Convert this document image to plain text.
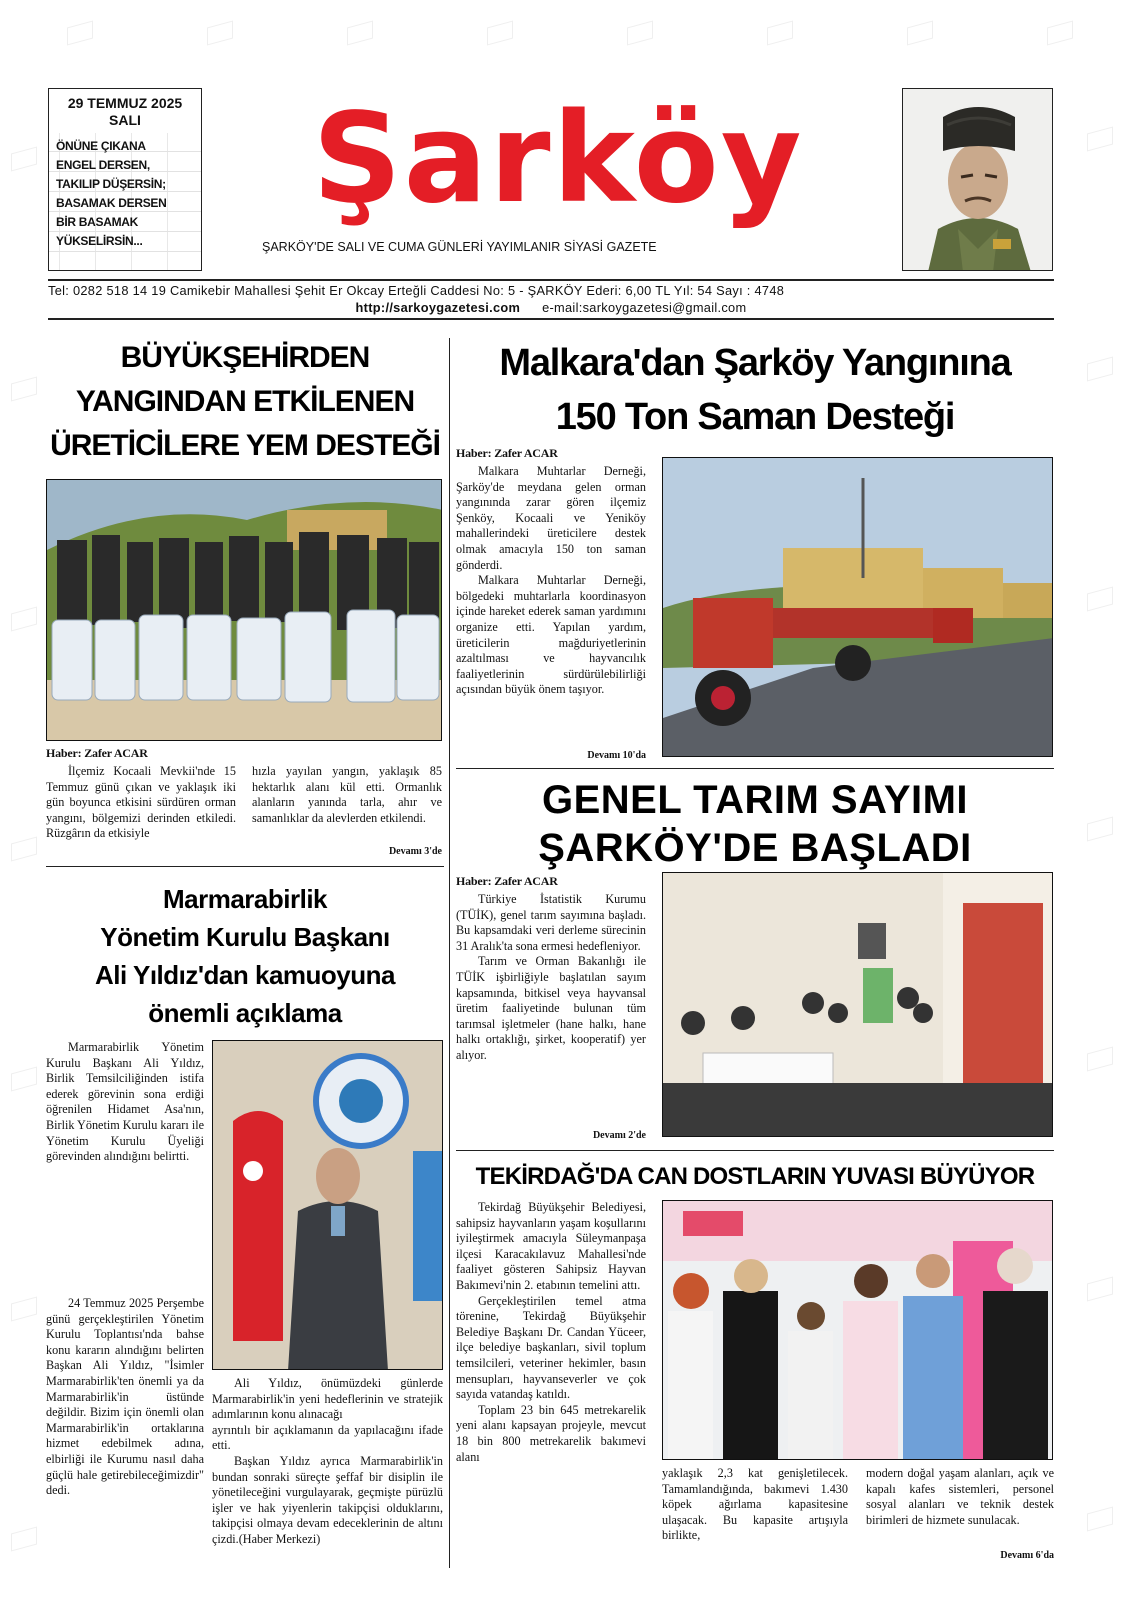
29 TEMMUZ 2025
SALI
ÖNÜNE ÇIKANA
ENGEL DERSEN,
TAKILIP DÜŞERSİN;
BASAMAK DERSEN
BİR BASAMAK
YÜKSELİRSİN...
Şarköy
ŞARKÖY'DE SALI VE CUMA GÜNLERİ YAYIMLANIR SİYASİ GAZETE
Tel: 0282 518 14 19 Camikebir Mahallesi Şehit Er Okcay Erteğli Caddesi No: 5 - ŞARKÖY Ederi: 6,00 TL Yıl: 54 Sayı : 4748
http://sarkoygazetesi.com e-mail:sarkoygazetesi@gmail.com
BÜYÜKŞEHİRDEN
YANGINDAN ETKİLENEN
ÜRETİCİLERE YEM DESTEĞİ
Haber: Zafer ACAR

İlçemiz Kocaali Mevkii'nde 15 Temmuz günü çıkan ve yaklaşık iki gün boyunca etkisini sürdüren orman yangını, bölgemizi derinden etkiledi. Rüzgârın da etkisiyle

hızla yayılan yangın, yaklaşık 85 hektarlık alanı kül etti. Ormanlık alanların yanında tarla, ahır ve samanlıklar da alevlerden etkilendi.

Devamı 3'de
Malkara'dan Şarköy Yangınına
150 Ton Saman Desteği
Haber: Zafer ACAR

Malkara Muhtarlar Derneği, Şarköy'de meydana gelen orman yangınında zarar gören ilçemiz Şenköy, Kocaali ve Yeniköy mahallerindeki üreticilere destek olmak amacıyla 150 ton saman gönderdi.

Malkara Muhtarlar Derneği, bölgedeki muhtarlarla koordinasyon içinde hareket ederek saman yardımını organize etti. Yapılan yardım, üreticilerin mağduriyetlerinin azaltılması ve hayvancılık faaliyetlerinin sürdürülebilirliği açısından büyük önem taşıyor.

Devamı 10'da
GENEL TARIM SAYIMI
ŞARKÖY'DE BAŞLADI
Haber: Zafer ACAR

Türkiye İstatistik Kurumu (TÜİK), genel tarım sayımına başladı. Bu kapsamdaki veri derleme sürecinin 31 Aralık'ta sona ermesi hedefleniyor.

Tarım ve Orman Bakanlığı ile TÜİK işbirliğiyle başlatılan sayım kapsamında, bitkisel veya hayvansal üretim faaliyetinde bulunan tüm tarımsal işletmeler (hane halkı, hane halkı ortaklığı, şirket, kooperatif) yer alıyor.

Devamı 2'de
Marmarabirlik
Yönetim Kurulu Başkanı
Ali Yıldız'dan kamuoyuna
önemli açıklama

Marmarabirlik Yönetim Kurulu Başkanı Ali Yıldız, Birlik Temsilciliğinden istifa ederek görevinin sona erdiği öğrenilen Hidamet Asa'nın, Birlik Yönetim Kurulu kararı ile Yönetim Kurulu Üyeliği görevinden alındığını belirtti.

24 Temmuz 2025 Perşembe günü gerçekleştirilen Yönetim Kurulu Toplantısı'nda bahse konu kararın alındığını belirten Başkan Ali Yıldız, "İsimler Marmarabirlik'ten önemli ya da Marmarabirlik'in üstünde değildir. Bizim için önemli olan Marmarabirlik'in ortaklarına hizmet edebilmek adına, elbirliği ile Kurumu nasıl daha güçlü hale getirebileceğimizdir" dedi.

Ali Yıldız, önümüzdeki günlerde Marmarabirlik'in yeni hedeflerinin ve stratejik adımlarının konu alınacağı

ayrıntılı bir açıklamanın da yapılacağını ifade etti.

Başkan Yıldız ayrıca Marmarabirlik'in bundan sonraki süreçte şeffaf bir disiplin ile yönetileceğini vurgulayarak, geçmişte pürüzlü işler ve hak yiyenlerin takipçisi olduklarını, takipçisi olmaya devam edeceklerinin de altını çizdi.(Haber Merkezi)

TEKİRDAĞ'DA CAN DOSTLARIN YUVASI BÜYÜYOR

Tekirdağ Büyükşehir Belediyesi, sahipsiz hayvanların yaşam koşullarını iyileştirmek amacıyla Süleymanpaşa ilçesi Karacakılavuz Mahallesi'nde faaliyet gösteren Sahipsiz Hayvan Bakımevi'nin 2. etabının temelini attı.

Gerçekleştirilen temel atma törenine, Tekirdağ Büyükşehir Belediye Başkanı Dr. Candan Yüceer, ilçe belediye başkanları, sivil toplum temsilcileri, veteriner hekimler, basın mensupları, hayvanseverler ve çok sayıda vatandaş katıldı.

Toplam 23 bin 645 metrekarelik yeni alanı kapsayan projeyle, mevcut 18 bin 800 metrekarelik bakımevi alanı

yaklaşık 2,3 kat genişletilecek. Tamamlandığında, bakımevi 1.430 köpek ağırlama kapasitesine ulaşacak. Bu kapasite artışıyla birlikte,

modern doğal yaşam alanları, açık ve kapalı kafes sistemleri, personel sosyal alanları ve teknik destek birimleri de hizmete sunulacak.

Devamı 6'da
